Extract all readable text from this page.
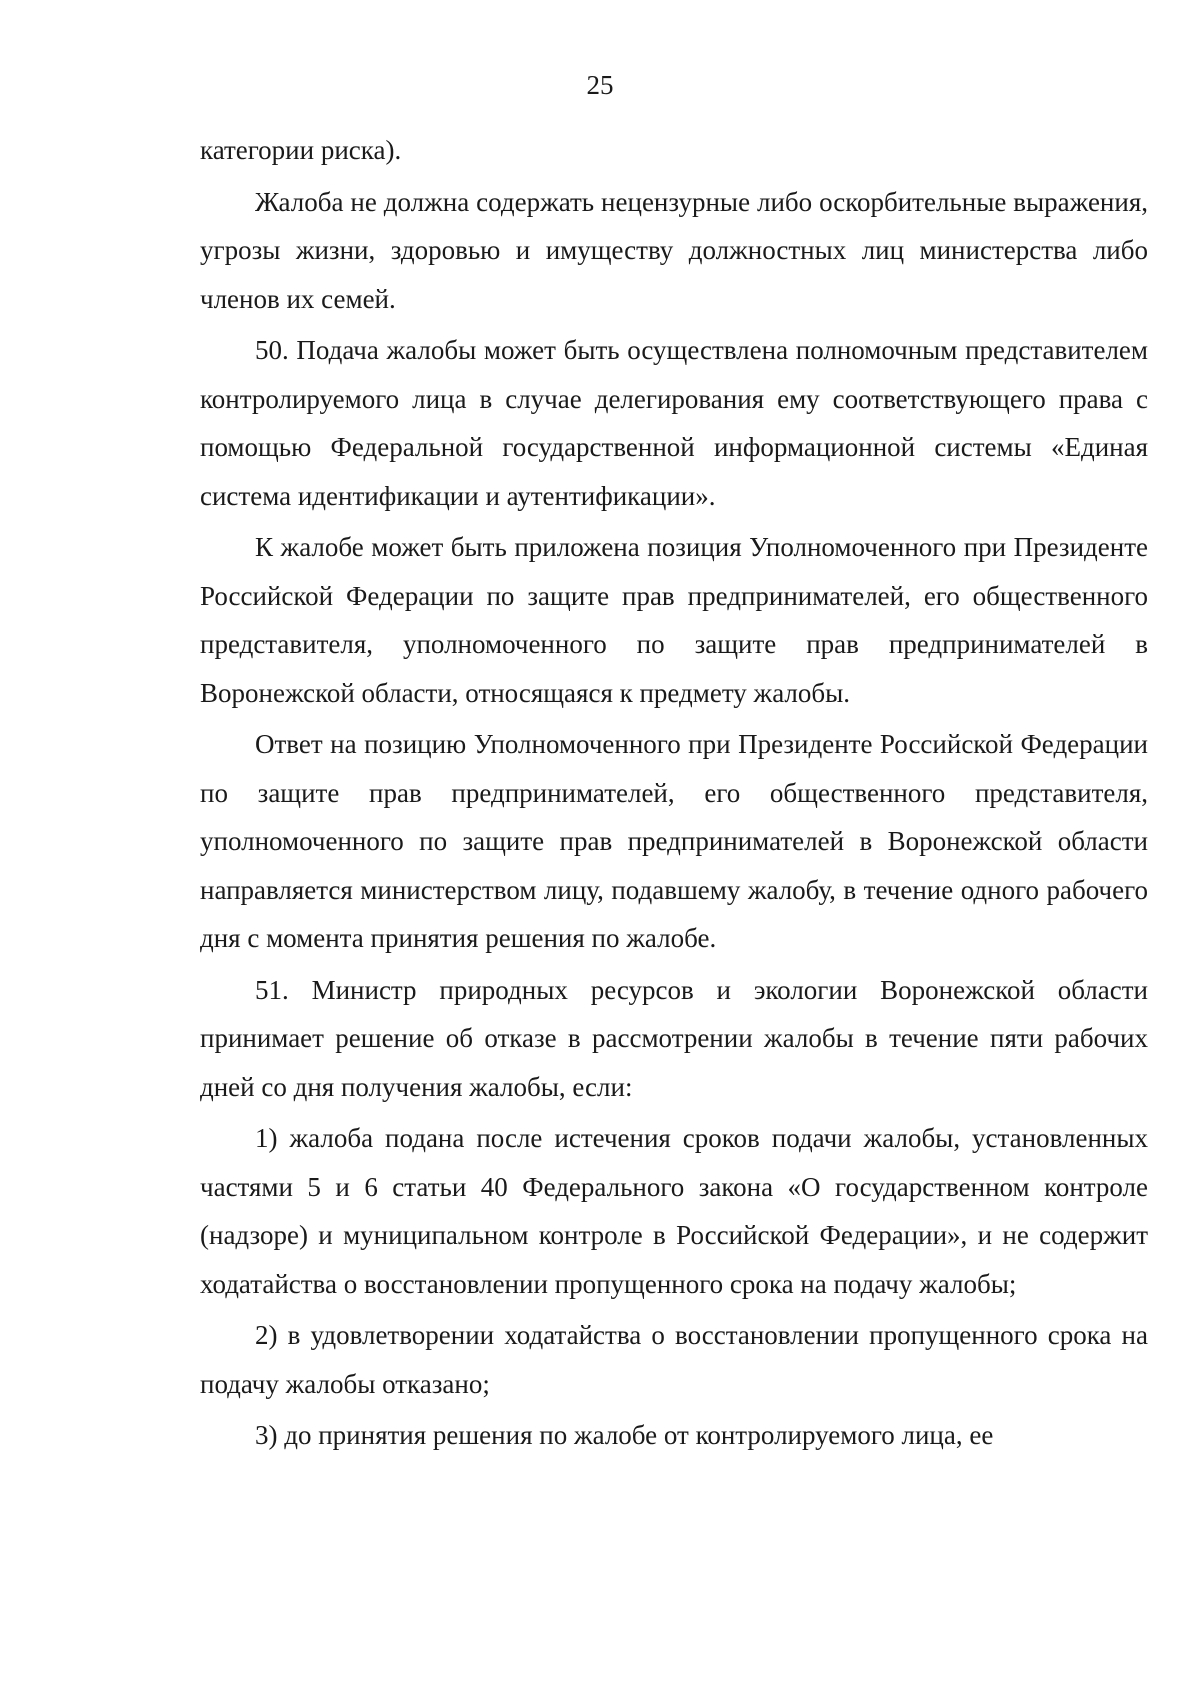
25

категории риска).

Жалоба не должна содержать нецензурные либо оскорбительные выражения, угрозы жизни, здоровью и имуществу должностных лиц министерства либо членов их семей.

50. Подача жалобы может быть осуществлена полномочным представителем контролируемого лица в случае делегирования ему соответствующего права с помощью Федеральной государственной информационной системы «Единая система идентификации и аутентификации».

К жалобе может быть приложена позиция Уполномоченного при Президенте Российской Федерации по защите прав предпринимателей, его общественного представителя, уполномоченного по защите прав предпринимателей в Воронежской области, относящаяся к предмету жалобы.

Ответ на позицию Уполномоченного при Президенте Российской Федерации по защите прав предпринимателей, его общественного представителя, уполномоченного по защите прав предпринимателей в Воронежской области направляется министерством лицу, подавшему жалобу, в течение одного рабочего дня с момента принятия решения по жалобе.

51. Министр природных ресурсов и экологии Воронежской области принимает решение об отказе в рассмотрении жалобы в течение пяти рабочих дней со дня получения жалобы, если:

1) жалоба подана после истечения сроков подачи жалобы, установленных частями 5 и 6 статьи 40 Федерального закона «О государственном контроле (надзоре) и муниципальном контроле в Российской Федерации», и не содержит ходатайства о восстановлении пропущенного срока на подачу жалобы;

2) в удовлетворении ходатайства о восстановлении пропущенного срока на подачу жалобы отказано;

3) до принятия решения по жалобе от контролируемого лица, ее
